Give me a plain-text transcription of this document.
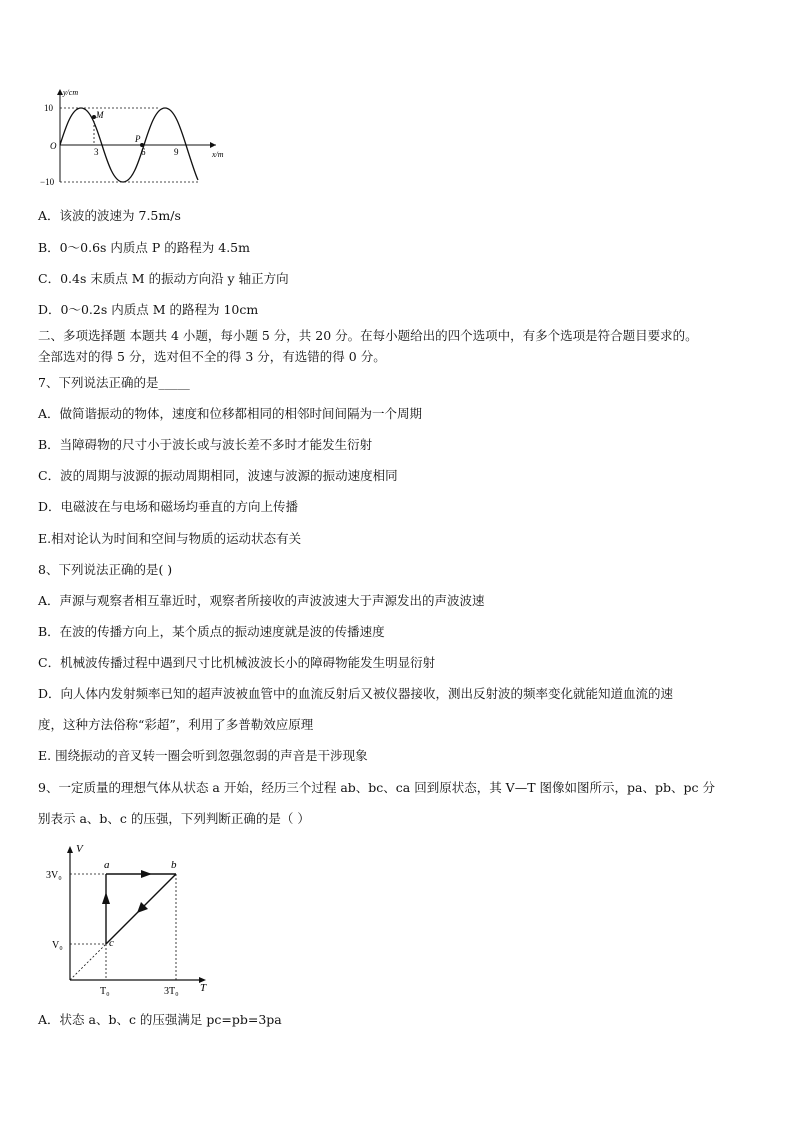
y/cm
x/m
10
−10
O
3	6	9
M
P
A．该波的波速为 7.5m/s
B．0～0.6s 内质点 P 的路程为 4.5m
C．0.4s 末质点 M 的振动方向沿 y 轴正方向
D．0～0.2s 内质点 M 的路程为 10cm
二、多项选择题 本题共 4 小题，每小题 5 分，共 20 分。在每小题给出的四个选项中，有多个选项是符合题目要求的。
全部选对的得 5 分，选对但不全的得 3 分，有选错的得 0 分。
7、下列说法正确的是_____
A．做简谐振动的物体，速度和位移都相同的相邻时间间隔为一个周期
B．当障碍物的尺寸小于波长或与波长差不多时才能发生衍射
C．波的周期与波源的振动周期相同，波速与波源的振动速度相同
D．电磁波在与电场和磁场均垂直的方向上传播
E.相对论认为时间和空间与物质的运动状态有关
8、下列说法正确的是( )
A．声源与观察者相互靠近时，观察者所接收的声波波速大于声源发出的声波波速
B．在波的传播方向上，某个质点的振动速度就是波的传播速度
C．机械波传播过程中遇到尺寸比机械波波长小的障碍物能发生明显衍射
D．向人体内发射频率已知的超声波被血管中的血流反射后又被仪器接收，测出反射波的频率变化就能知道血流的速
度，这种方法俗称“彩超”，利用了多普勒效应原理
E. 围绕振动的音叉转一圈会听到忽强忽弱的声音是干涉现象
9、一定质量的理想气体从状态 a 开始，经历三个过程 ab、bc、ca 回到原状态，其 V—T 图像如图所示，pa、pb、pc 分
别表示 a、b、c 的压强，下列判断正确的是（ ）
V
T
3V₀
V₀
T₀	3T₀
a	b
c
A．状态 a、b、c 的压强满足 pc=pb=3pa
